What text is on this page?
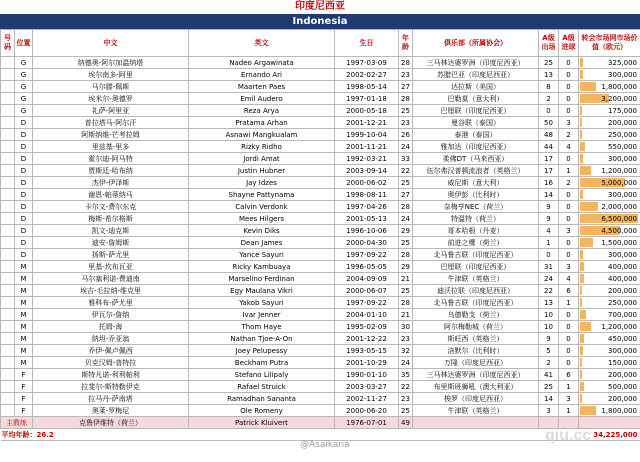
印度尼西亚
Indonesia
号码	位置	中文	英文	生日	年龄	俱乐部（所属协会）	A级出场	A级进球	转会市场网市场价值（欧元）
	G	纳德奥-阿尔加温纳塔	Nadeo Argawinata	1997-03-09	28	三马林达婆罗洲（印度尼西亚）	25	0	325,000
	G	埃尔南多-阿里	Ernando Ari	2002-02-27	23	苏腊巴亚（印度尼西亚）	13	0	300,000
	G	马尔滕-佩斯	Maarten Paes	1998-05-14	27	达拉斯（美国）	8	0	1,800,000
	G	埃米尔-奥德罗	Emil Audero	1997-01-18	28	巴勒莫（意大利）	2	0	3,200,000
	G	礼萨-阿里亚	Reza Arya	2000-05-18	25	巴厘联（印度尼西亚）	0	0	175,000
	D	普拉塔马-阿尔汗	Pratama Arhan	2001-12-21	23	曼谷联（泰国）	50	3	200,000
	D	阿斯纳维-芒考拉姆	Asnawi Mangkualam	1999-10-04	26	泰港（泰国）	48	2	250,000
	D	里兹基-里多	Rizky Ridho	2001-11-21	24	雅加达（印度尼西亚）	44	4	550,000
	D	霍尔迪-阿马特	Jordi Amat	1992-03-21	33	柔佛DT（马来西亚）	17	0	300,000
	D	贾斯廷-哈布纳	Justin Hubner	2003-09-14	22	伍尔弗汉普顿流浪者（英格兰）	17	1	1,200,000
	D	杰伊-伊泽斯	Jay Idzes	2000-06-02	25	威尼斯（意大利）	16	2	5,000,000
	D	谢恩-帕蒂纳马	Shayne Pattynama	1998-08-11	27	奥伊彭（比利时）	14	0	300,000
	D	卡尔文-费尔东克	Calvin Verdonk	1997-04-26	28	奈梅亨NEC（荷兰）	9	0	2,000,000
	D	梅斯-希尔格斯	Mees Hilgers	2001-05-13	24	特温特（荷兰）	9	0	6,500,000
	D	凯文-迪克斯	Kevin Diks	1996-10-06	29	哥本哈根（丹麦）	4	3	4,500,000
	D	迪安-詹姆斯	Dean James	2000-04-30	25	前进之鹰（荷兰）	1	0	1,500,000
	D	扬斯-萨尤里	Yance Sayuri	1997-09-22	28	北马鲁古联（印度尼西亚）	0	0	300,000
	M	里基-坎布瓦亚	Ricky Kambuaya	1996-05-05	29	巴厘联（印度尼西亚）	31	3	400,000
	M	马尔塞利诺-费迪南	Marselino Ferdinan	2004-09-09	21	牛津联（英格兰）	24	4	400,000
	M	埃吉-毛拉纳-维克里	Egy Maulana Vikri	2000-06-07	25	迪沃拉联（印度尼西亚）	22	6	200,000
	M	雅科布-萨尤里	Yakob Sayuri	1997-09-22	28	北马鲁古联（印度尼西亚）	13	1	250,000
	M	伊瓦尔-詹纳	Ivar Jenner	2004-01-10	21	乌德勒支（荷兰）	10	0	700,000
	M	托姆-海	Thom Haye	1995-02-09	30	阿尔梅勒城（荷兰）	10	0	1,200,000
	M	纳坦-乔亚翁	Nathan Tjoe-A-On	2001-12-22	23	斯旺西（英格兰）	9	0	450,000
	M	乔伊-佩卢佩西	Joey Pelupessy	1993-05-15	32	洛默尔（比利时）	5	0	300,000
	M	贝克汉姆-普特拉	Beckham Putra	2001-10-29	24	万隆（印度尼西亚）	2	0	150,000
	F	斯特凡诺-利利帕利	Stefano Lilipaly	1990-01-10	35	三马林达婆罗洲（印度尼西亚）	41	6	200,000
	F	拉斐尔-斯特勒伊克	Rafael Struick	2003-03-27	22	布里斯班狮吼（澳大利亚）	25	1	500,000
	F	拉马丹-萨南塔	Ramadhan Sananta	2002-11-27	23	梭罗（印度尼西亚）	14	3	200,000
	F	奥莱-罗梅尼	Ole Romeny	2000-06-20	25	牛津联（英格兰）	3	1	1,800,000
主教练		克鲁伊维特（荷兰）	Patrick Kluivert	1976-07-01	49				
平均年龄：26.2									34,225,000
@Asaikana
qiu.cc
